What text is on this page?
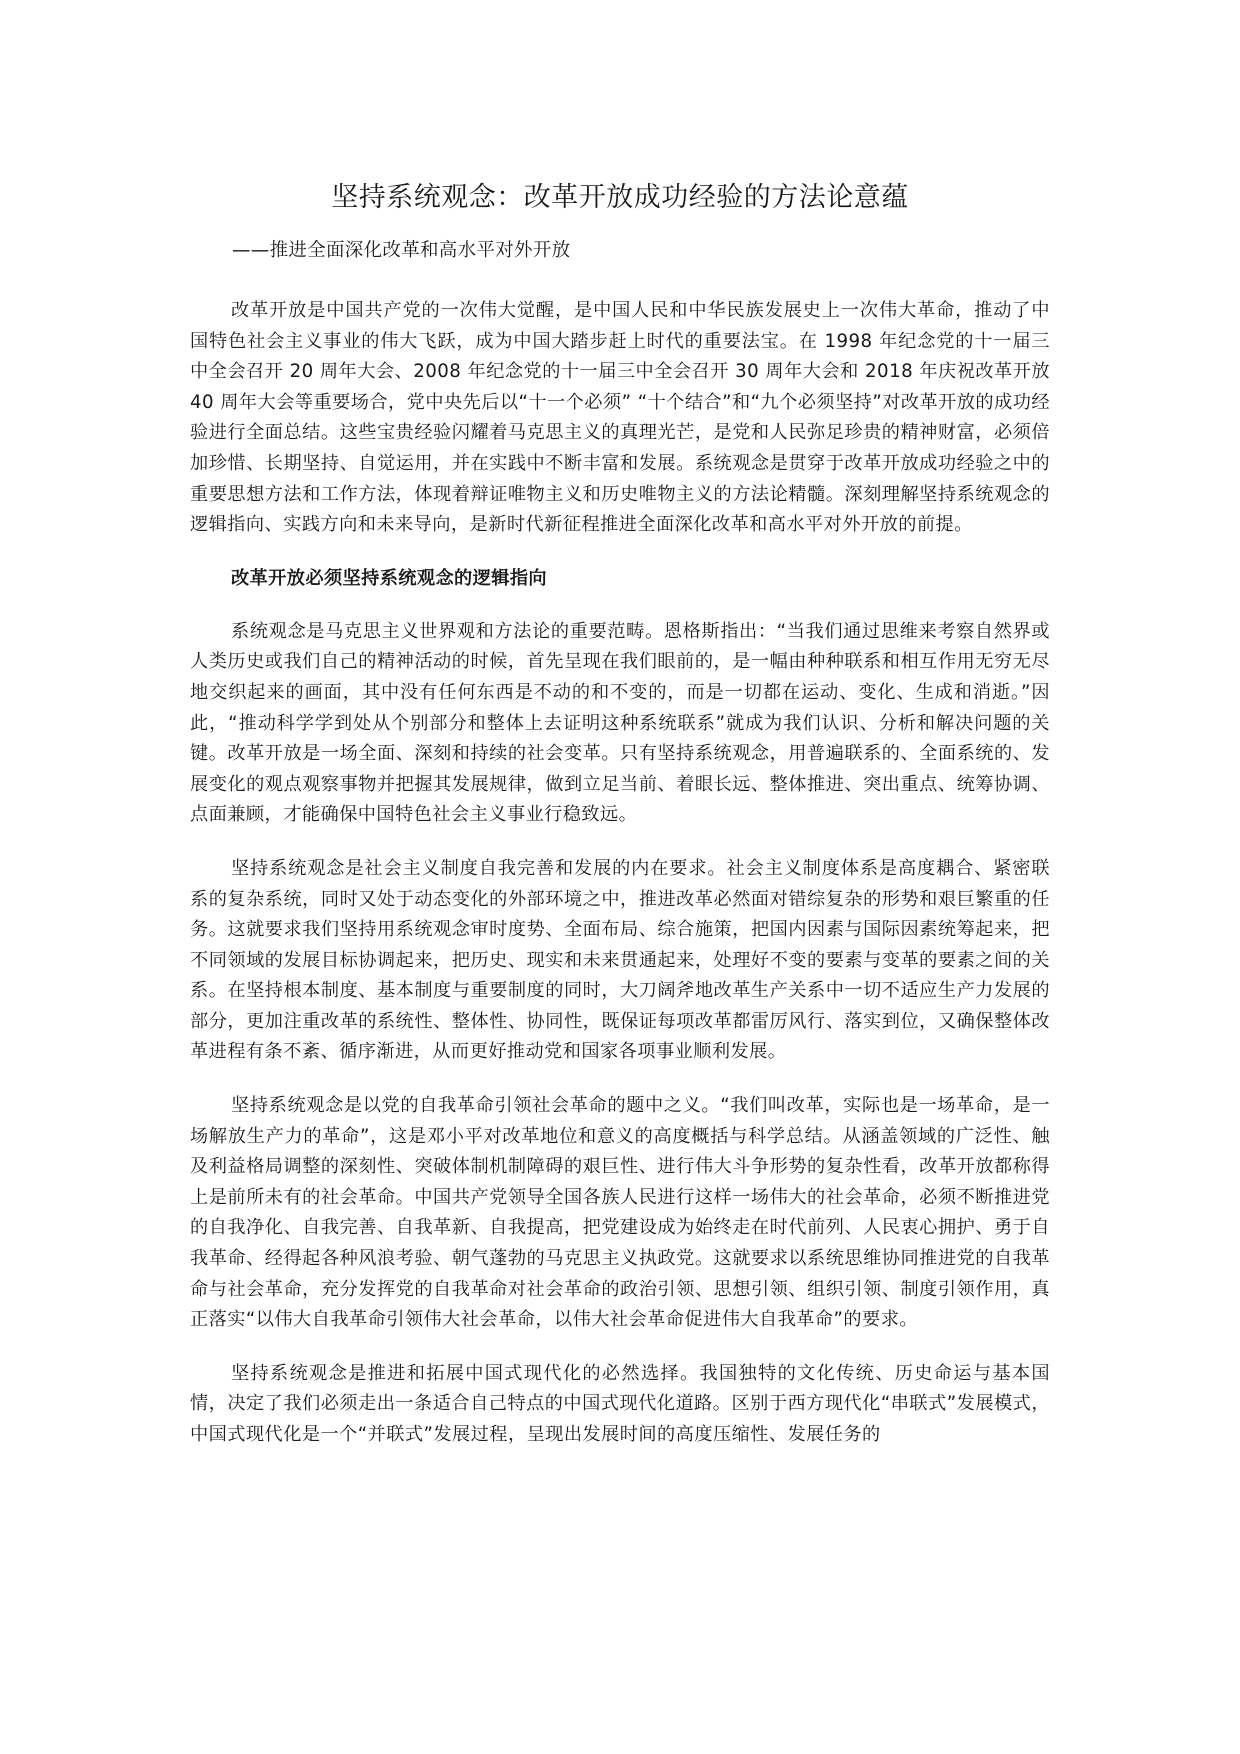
坚持系统观念：改革开放成功经验的方法论意蕴
——推进全面深化改革和高水平对外开放

改革开放是中国共产党的一次伟大觉醒，是中国人民和中华民族发展史上一次伟大革命，推动了中国特色社会主义事业的伟大飞跃，成为中国大踏步赶上时代的重要法宝。在 1998 年纪念党的十一届三中全会召开 20 周年大会、2008 年纪念党的十一届三中全会召开 30 周年大会和 2018 年庆祝改革开放 40 周年大会等重要场合，党中央先后以“十一个必须” “十个结合”和“九个必须坚持”对改革开放的成功经验进行全面总结。这些宝贵经验闪耀着马克思主义的真理光芒，是党和人民弥足珍贵的精神财富，必须倍加珍惜、长期坚持、自觉运用，并在实践中不断丰富和发展。系统观念是贯穿于改革开放成功经验之中的重要思想方法和工作方法，体现着辩证唯物主义和历史唯物主义的方法论精髓。深刻理解坚持系统观念的逻辑指向、实践方向和未来导向，是新时代新征程推进全面深化改革和高水平对外开放的前提。

改革开放必须坚持系统观念的逻辑指向

系统观念是马克思主义世界观和方法论的重要范畴。恩格斯指出：“当我们通过思维来考察自然界或人类历史或我们自己的精神活动的时候，首先呈现在我们眼前的，是一幅由种种联系和相互作用无穷无尽地交织起来的画面，其中没有任何东西是不动的和不变的，而是一切都在运动、变化、生成和消逝。”因此，“推动科学学到处从个别部分和整体上去证明这种系统联系”就成为我们认识、分析和解决问题的关键。改革开放是一场全面、深刻和持续的社会变革。只有坚持系统观念，用普遍联系的、全面系统的、发展变化的观点观察事物并把握其发展规律，做到立足当前、着眼长远、整体推进、突出重点、统筹协调、点面兼顾，才能确保中国特色社会主义事业行稳致远。

坚持系统观念是社会主义制度自我完善和发展的内在要求。社会主义制度体系是高度耦合、紧密联系的复杂系统，同时又处于动态变化的外部环境之中，推进改革必然面对错综复杂的形势和艰巨繁重的任务。这就要求我们坚持用系统观念审时度势、全面布局、综合施策，把国内因素与国际因素统筹起来，把不同领域的发展目标协调起来，把历史、现实和未来贯通起来，处理好不变的要素与变革的要素之间的关系。在坚持根本制度、基本制度与重要制度的同时，大刀阔斧地改革生产关系中一切不适应生产力发展的部分，更加注重改革的系统性、整体性、协同性，既保证每项改革都雷厉风行、落实到位，又确保整体改革进程有条不紊、循序渐进，从而更好推动党和国家各项事业顺利发展。

坚持系统观念是以党的自我革命引领社会革命的题中之义。“我们叫改革，实际也是一场革命，是一场解放生产力的革命”，这是邓小平对改革地位和意义的高度概括与科学总结。从涵盖领域的广泛性、触及利益格局调整的深刻性、突破体制机制障碍的艰巨性、进行伟大斗争形势的复杂性看，改革开放都称得上是前所未有的社会革命。中国共产党领导全国各族人民进行这样一场伟大的社会革命，必须不断推进党的自我净化、自我完善、自我革新、自我提高，把党建设成为始终走在时代前列、人民衷心拥护、勇于自我革命、经得起各种风浪考验、朝气蓬勃的马克思主义执政党。这就要求以系统思维协同推进党的自我革命与社会革命，充分发挥党的自我革命对社会革命的政治引领、思想引领、组织引领、制度引领作用，真正落实“以伟大自我革命引领伟大社会革命，以伟大社会革命促进伟大自我革命”的要求。

坚持系统观念是推进和拓展中国式现代化的必然选择。我国独特的文化传统、历史命运与基本国情，决定了我们必须走出一条适合自己特点的中国式现代化道路。区别于西方现代化“串联式”发展模式，中国式现代化是一个“并联式”发展过程，呈现出发展时间的高度压缩性、发展任务的
